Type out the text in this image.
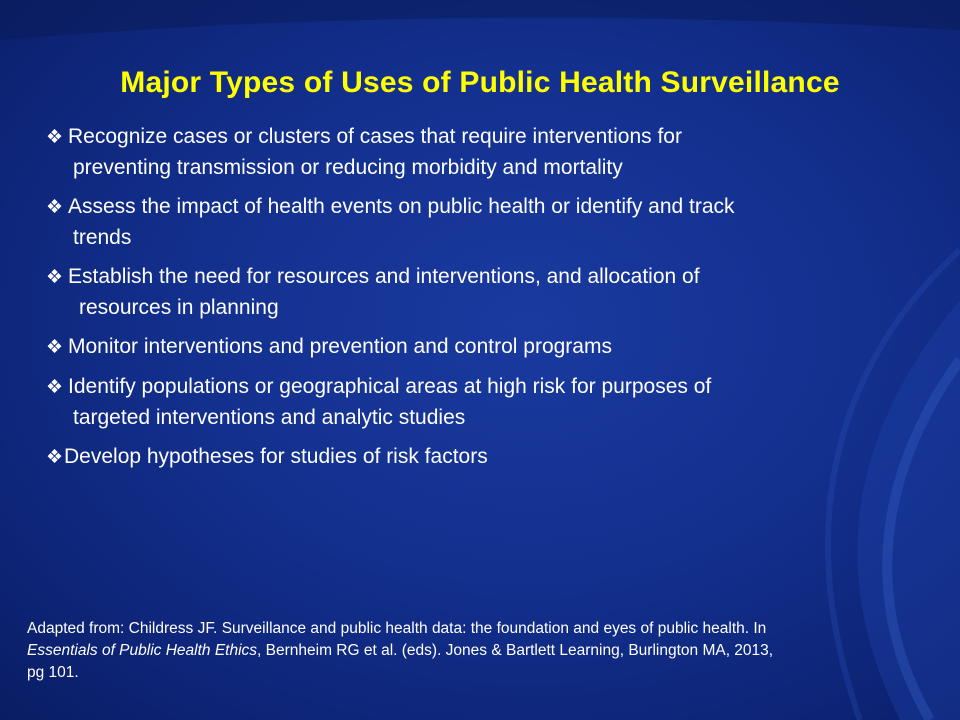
Major Types of Uses of Public Health Surveillance
❖ Recognize cases or clusters of cases that require interventions for
preventing transmission or reducing morbidity and mortality
❖ Assess the impact of health events on public health or identify and track
trends
❖ Establish the need for resources and interventions, and allocation of
resources in planning
❖ Monitor interventions and prevention and control programs
❖ Identify populations or geographical areas at high risk for purposes of
targeted interventions and analytic studies
❖Develop hypotheses for studies of risk factors
Adapted from: Childress JF. Surveillance and public health data: the foundation and eyes of public health. In
Essentials of Public Health Ethics, Bernheim RG et al. (eds). Jones & Bartlett Learning, Burlington MA, 2013,
pg 101.
